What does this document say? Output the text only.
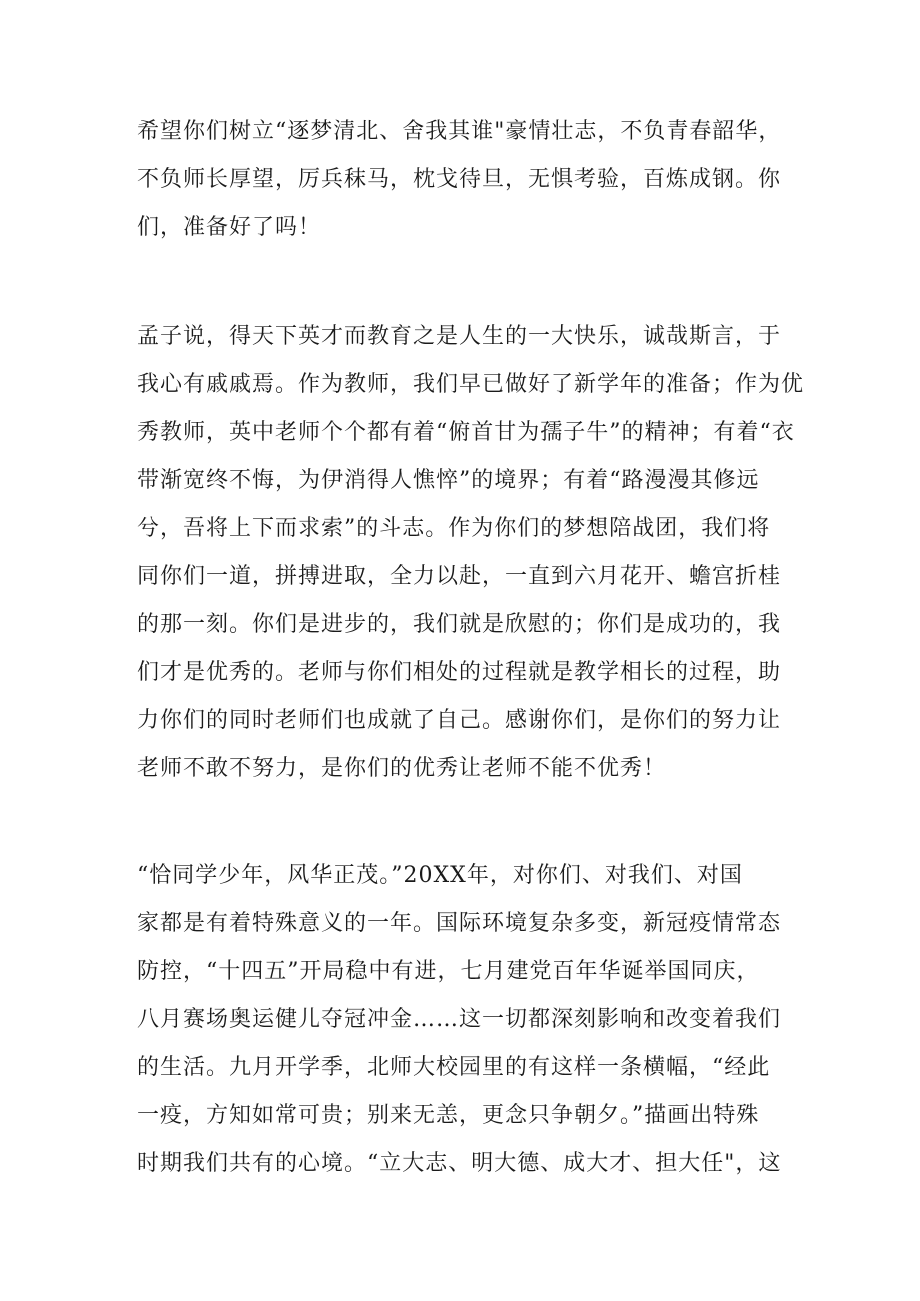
希望你们树立“逐梦清北、舍我其谁"豪情壮志，不负青春韶华，
不负师长厚望，厉兵秣马，枕戈待旦，无惧考验，百炼成钢。你
们，准备好了吗！
孟子说，得天下英才而教育之是人生的一大快乐，诚哉斯言，于
我心有戚戚焉。作为教师，我们早已做好了新学年的准备；作为优
秀教师，英中老师个个都有着“俯首甘为孺子牛”的精神；有着“衣
带渐宽终不悔，为伊消得人憔悴”的境界；有着“路漫漫其修远
兮，吾将上下而求索”的斗志。作为你们的梦想陪战团，我们将
同你们一道，拼搏进取，全力以赴，一直到六月花开、蟾宫折桂
的那一刻。你们是进步的，我们就是欣慰的；你们是成功的，我
们才是优秀的。老师与你们相处的过程就是教学相长的过程，助
力你们的同时老师们也成就了自己。感谢你们，是你们的努力让
老师不敢不努力，是你们的优秀让老师不能不优秀！
“恰同学少年，风华正茂。”20XX年，对你们、对我们、对国
家都是有着特殊意义的一年。国际环境复杂多变，新冠疫情常态
防控，“十四五”开局稳中有进，七月建党百年华诞举国同庆，
八月赛场奥运健儿夺冠冲金……这一切都深刻影响和改变着我们
的生活。九月开学季，北师大校园里的有这样一条横幅，“经此
一疫，方知如常可贵；别来无恙，更念只争朝夕。”描画出特殊
时期我们共有的心境。“立大志、明大德、成大才、担大任"，这
